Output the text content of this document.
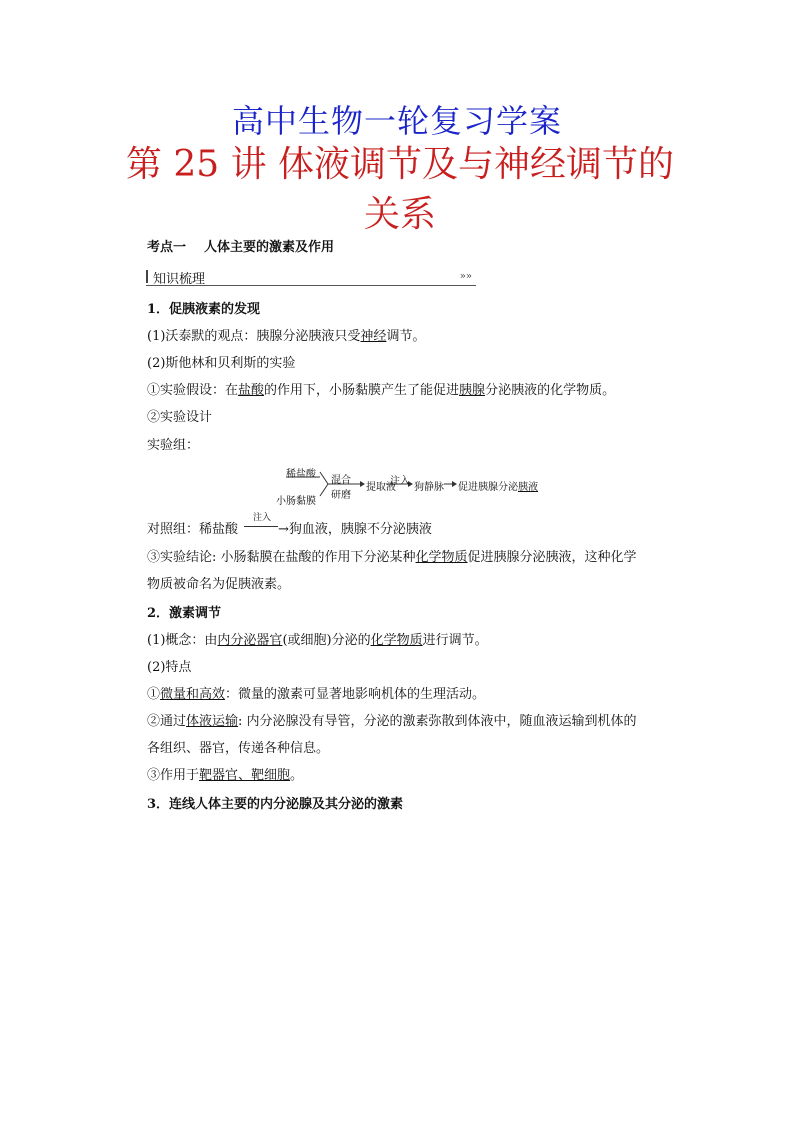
高中生物一轮复习学案
第 25 讲 体液调节及与神经调节的关系
考点一 人体主要的激素及作用
知识梳理	»»
1．促胰液素的发现
(1)沃泰默的观点：胰腺分泌胰液只受神经调节。
(2)斯他林和贝利斯的实验
①实验假设：在盐酸的作用下，小肠黏膜产生了能促进胰腺分泌胰液的化学物质。
②实验设计
实验组：
稀盐酸
小肠黏膜
混合
研磨
提取液
注入
狗静脉 促进胰腺分泌胰液
对照组：稀盐酸
注入
→狗血液，胰腺不分泌胰液
③实验结论: 小肠黏膜在盐酸的作用下分泌某种化学物质促进胰腺分泌胰液，这种化学
物质被命名为促胰液素。
2．激素调节
(1)概念：由内分泌器官(或细胞)分泌的化学物质进行调节。
(2)特点
①微量和高效：微量的激素可显著地影响机体的生理活动。
②通过体液运输: 内分泌腺没有导管，分泌的激素弥散到体液中，随血液运输到机体的
各组织、器官，传递各种信息。
③作用于靶器官、靶细胞。
3．连线人体主要的内分泌腺及其分泌的激素
